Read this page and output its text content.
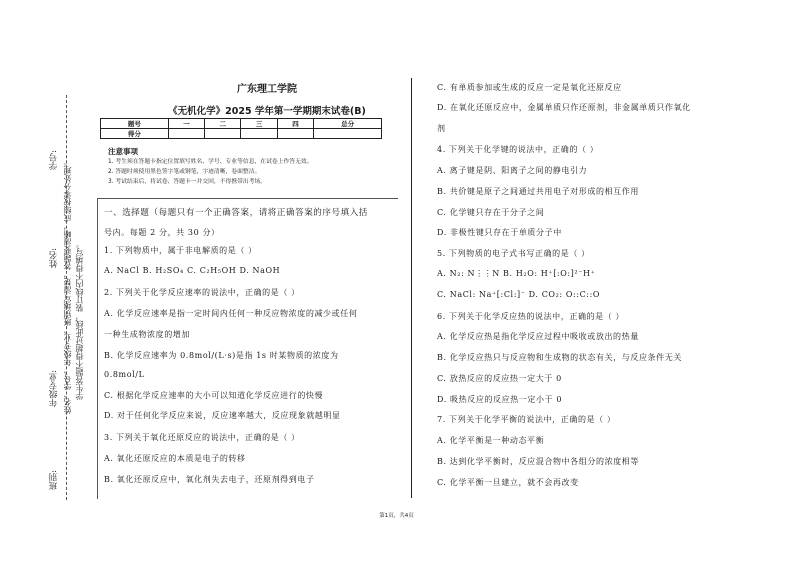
学号:
姓名:
年级专业:
班别:
姓名、学号、年级专业、班别填写清楚，答题要清晰，成绩按零分处理。 学生答题不得超过此线，装订线内不得填写。
广东理工学院
《无机化学》2025 学年第一学期期末试卷(B)
题号	一	二	三	四	总分
得分					
注意事项
1. 考生须在答题卡指定位置填写姓名、学号、专业等信息，在试卷上作答无效。
2. 答题时须使用黑色签字笔或钢笔，字迹清晰，卷面整洁。
3. 考试结束后，将试卷、答题卡一并交回，不得携带出考场。
一、选择题（每题只有一个正确答案，请将正确答案的序号填入括
号内。每题 2 分，共 30 分）
1. 下列物质中，属于非电解质的是（ ）
A. NaCl B. H₂SO₄ C. C₂H₅OH D. NaOH
2. 下列关于化学反应速率的说法中，正确的是（ ）
A. 化学反应速率是指一定时间内任何一种反应物浓度的减少或任何
一种生成物浓度的增加
B. 化学反应速率为 0.8mol/(L·s)是指 1s 时某物质的浓度为
0.8mol/L
C. 根据化学反应速率的大小可以知道化学反应进行的快慢
D. 对于任何化学反应来说，反应速率越大，反应现象就越明显
3. 下列关于氧化还原反应的说法中，正确的是（ ）
A. 氧化还原反应的本质是电子的转移
B. 氧化还原反应中，氧化剂失去电子，还原剂得到电子
C. 有单质参加或生成的反应一定是氧化还原反应
D. 在氧化还原反应中，金属单质只作还原剂，非金属单质只作氧化
剂
4. 下列关于化学键的说法中，正确的（ ）
A. 离子键是阴、阳离子之间的静电引力
B. 共价键是原子之间通过共用电子对形成的相互作用
C. 化学键只存在于分子之间
D. 非极性键只存在于单质分子中
5. 下列物质的电子式书写正确的是（ ）
A. N₂: N⋮⋮N B. H₂O: H⁺[:O:]²⁻H⁺
C. NaCl: Na⁺[:Cl:]⁻ D. CO₂: O::C::O
6. 下列关于化学反应热的说法中，正确的是（ ）
A. 化学反应热是指化学反应过程中吸收或放出的热量
B. 化学反应热只与反应物和生成物的状态有关，与反应条件无关
C. 放热反应的反应热一定大于 0
D. 吸热反应的反应热一定小于 0
7. 下列关于化学平衡的说法中，正确的是（ ）
A. 化学平衡是一种动态平衡
B. 达到化学平衡时，反应混合物中各组分的浓度相等
C. 化学平衡一旦建立，就不会再改变
第1页，共4页
